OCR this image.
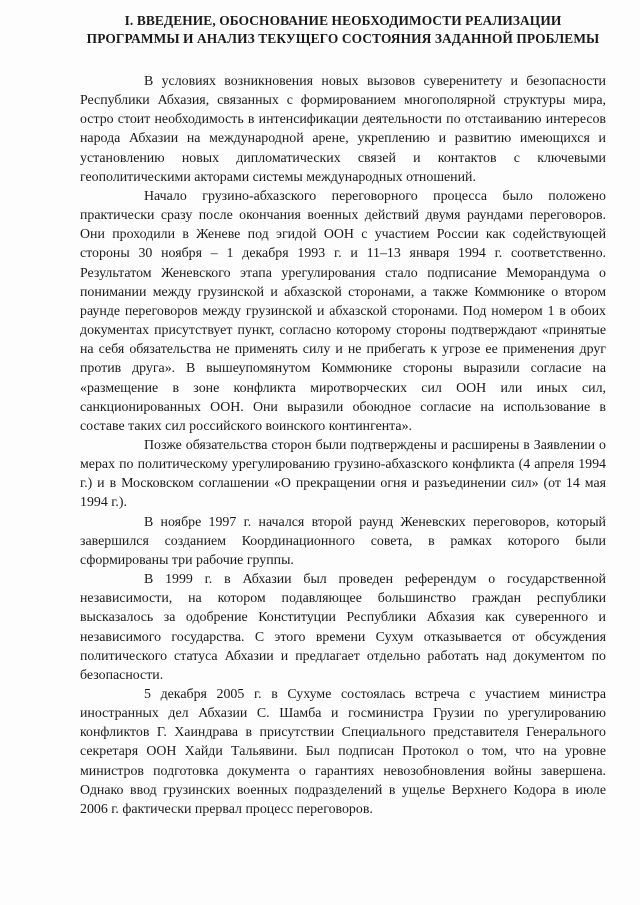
I. ВВЕДЕНИЕ, ОБОСНОВАНИЕ НЕОБХОДИМОСТИ РЕАЛИЗАЦИИ
ПРОГРАММЫ И АНАЛИЗ ТЕКУЩЕГО СОСТОЯНИЯ ЗАДАННОЙ ПРОБЛЕМЫ

В условиях возникновения новых вызовов суверенитету и безопасности Республики Абхазия, связанных с формированием многополярной структуры мира, остро стоит необходимость в интенсификации деятельности по отстаиванию интересов народа Абхазии на международной арене, укреплению и развитию имеющихся и установлению новых дипломатических связей и контактов с ключевыми геополитическими акторами системы международных отношений.

Начало грузино-абхазского переговорного процесса было положено практически сразу после окончания военных действий двумя раундами переговоров. Они проходили в Женеве под эгидой ООН с участием России как содействующей стороны 30 ноября – 1 декабря 1993 г. и 11–13 января 1994 г. соответственно. Результатом Женевского этапа урегулирования стало подписание Меморандума о понимании между грузинской и абхазской сторонами, а также Коммюнике о втором раунде переговоров между грузинской и абхазской сторонами. Под номером 1 в обоих документах присутствует пункт, согласно которому стороны подтверждают «принятые на себя обязательства не применять силу и не прибегать к угрозе ее применения друг против друга». В вышеупомянутом Коммюнике стороны выразили согласие на «размещение в зоне конфликта миротворческих сил ООН или иных сил, санкционированных ООН. Они выразили обоюдное согласие на использование в составе таких сил российского воинского контингента».

Позже обязательства сторон были подтверждены и расширены в Заявлении о мерах по политическому урегулированию грузино-абхазского конфликта (4 апреля 1994 г.) и в Московском соглашении «О прекращении огня и разъединении сил» (от 14 мая 1994 г.).

В ноябре 1997 г. начался второй раунд Женевских переговоров, который завершился созданием Координационного совета, в рамках которого были сформированы три рабочие группы.

В 1999 г. в Абхазии был проведен референдум о государственной независимости, на котором подавляющее большинство граждан республики высказалось за одобрение Конституции Республики Абхазия как суверенного и независимого государства. С этого времени Сухум отказывается от обсуждения политического статуса Абхазии и предлагает отдельно работать над документом по безопасности.

5 декабря 2005 г. в Сухуме состоялась встреча с участием министра иностранных дел Абхазии С. Шамба и госминистра Грузии по урегулированию конфликтов Г. Хаиндрава в присутствии Специального представителя Генерального секретаря ООН Хайди Тальявини. Был подписан Протокол о том, что на уровне министров подготовка документа о гарантиях невозобновления войны завершена. Однако ввод грузинских военных подразделений в ущелье Верхнего Кодора в июле 2006 г. фактически прервал процесс переговоров.
